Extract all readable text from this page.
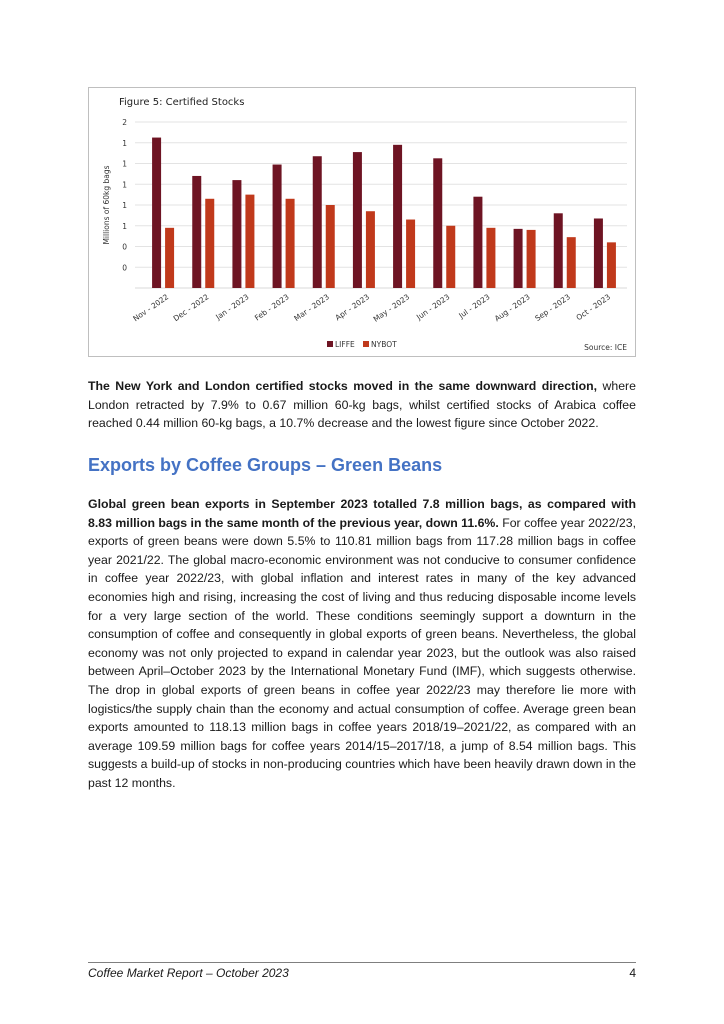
Figure 5: Certified Stocks
2
1
1
1
1
1
0
0
Millions of 60kg bags
Nov - 2022 Dec - 2022 Jan - 2023 Feb - 2023 Mar - 2023 Apr - 2023 May - 2023 Jun - 2023 Jul - 2023 Aug - 2023 Sep - 2023 Oct - 2023
LIFFE NYBOT	Source: ICE

The New York and London certified stocks moved in the same downward direction, where London retracted by 7.9% to 0.67 million 60-kg bags, whilst certified stocks of Arabica coffee reached 0.44 million 60-kg bags, a 10.7% decrease and the lowest figure since October 2022.

Exports by Coffee Groups – Green Beans

Global green bean exports in September 2023 totalled 7.8 million bags, as compared with 8.83 million bags in the same month of the previous year, down 11.6%. For coffee year 2022/23, exports of green beans were down 5.5% to 110.81 million bags from 117.28 million bags in coffee year 2021/22. The global macro-economic environment was not conducive to consumer confidence in coffee year 2022/23, with global inflation and interest rates in many of the key advanced economies high and rising, increasing the cost of living and thus reducing disposable income levels for a very large section of the world. These conditions seemingly support a downturn in the consumption of coffee and consequently in global exports of green beans. Nevertheless, the global economy was not only projected to expand in calendar year 2023, but the outlook was also raised between April–October 2023 by the International Monetary Fund (IMF), which suggests otherwise. The drop in global exports of green beans in coffee year 2022/23 may therefore lie more with logistics/the supply chain than the economy and actual consumption of coffee. Average green bean exports amounted to 118.13 million bags in coffee years 2018/19–2021/22, as compared with an average 109.59 million bags for coffee years 2014/15–2017/18, a jump of 8.54 million bags. This suggests a build-up of stocks in non-producing countries which have been heavily drawn down in the past 12 months.

Coffee Market Report – October 2023	4
